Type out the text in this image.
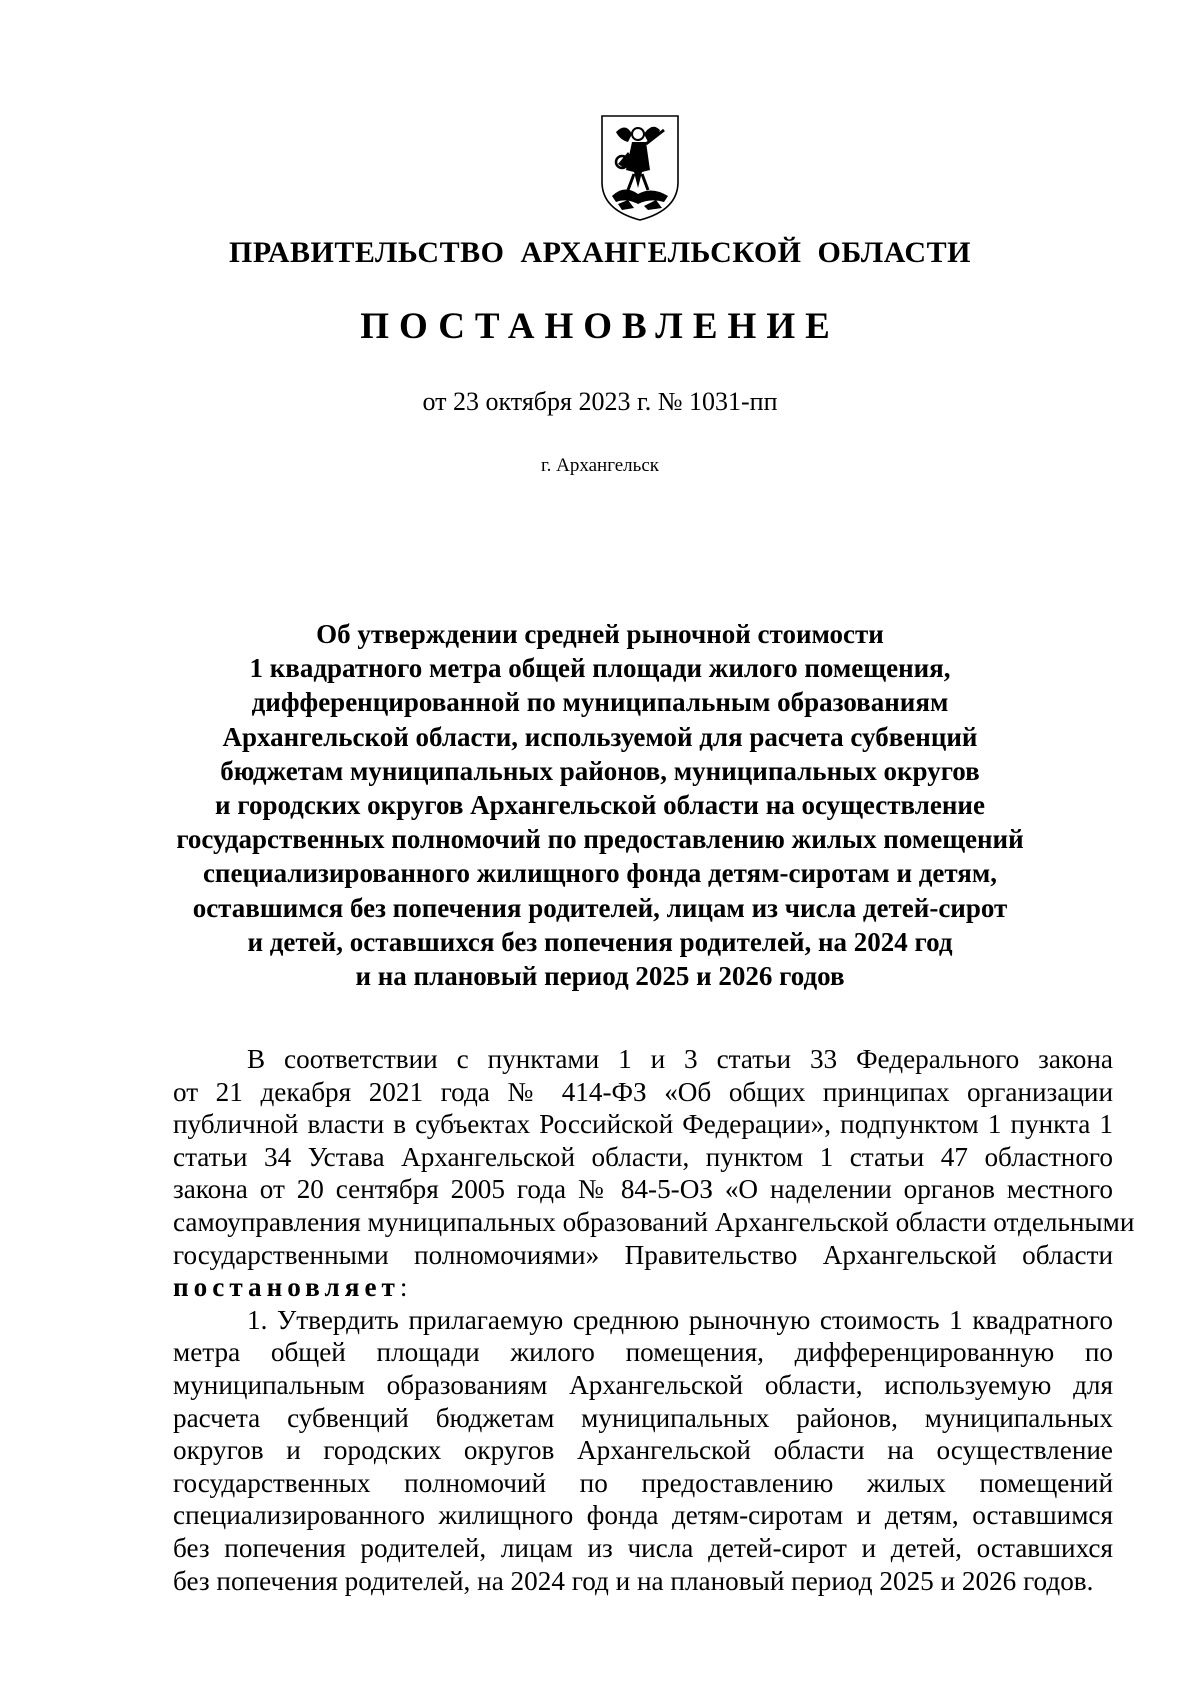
ПРАВИТЕЛЬСТВО АРХАНГЕЛЬСКОЙ ОБЛАСТИ
ПОСТАНОВЛЕНИЕ

от 23 октября 2023 г. № 1031-пп

г. Архангельск

Об утверждении средней рыночной стоимости
1 квадратного метра общей площади жилого помещения,
дифференцированной по муниципальным образованиям
Архангельской области, используемой для расчета субвенций
бюджетам муниципальных районов, муниципальных округов
и городских округов Архангельской области на осуществление
государственных полномочий по предоставлению жилых помещений
специализированного жилищного фонда детям-сиротам и детям,
оставшимся без попечения родителей, лицам из числа детей-сирот
и детей, оставшихся без попечения родителей, на 2024 год
и на плановый период 2025 и 2026 годов
В соответствии с пунктами 1 и 3 статьи 33 Федерального закона
от 21 декабря 2021 года № 414-ФЗ «Об общих принципах организации
публичной власти в субъектах Российской Федерации», подпунктом 1 пункта 1
статьи 34 Устава Архангельской области, пунктом 1 статьи 47 областного
закона от 20 сентября 2005 года № 84-5-ОЗ «О наделении органов местного
самоуправления муниципальных образований Архангельской области отдельными
государственными полномочиями» Правительство Архангельской области
постановляет:
1. Утвердить прилагаемую среднюю рыночную стоимость 1 квадратного
метра общей площади жилого помещения, дифференцированную по
муниципальным образованиям Архангельской области, используемую для
расчета субвенций бюджетам муниципальных районов, муниципальных
округов и городских округов Архангельской области на осуществление
государственных полномочий по предоставлению жилых помещений
специализированного жилищного фонда детям-сиротам и детям, оставшимся
без попечения родителей, лицам из числа детей-сирот и детей, оставшихся
без попечения родителей, на 2024 год и на плановый период 2025 и 2026 годов.
